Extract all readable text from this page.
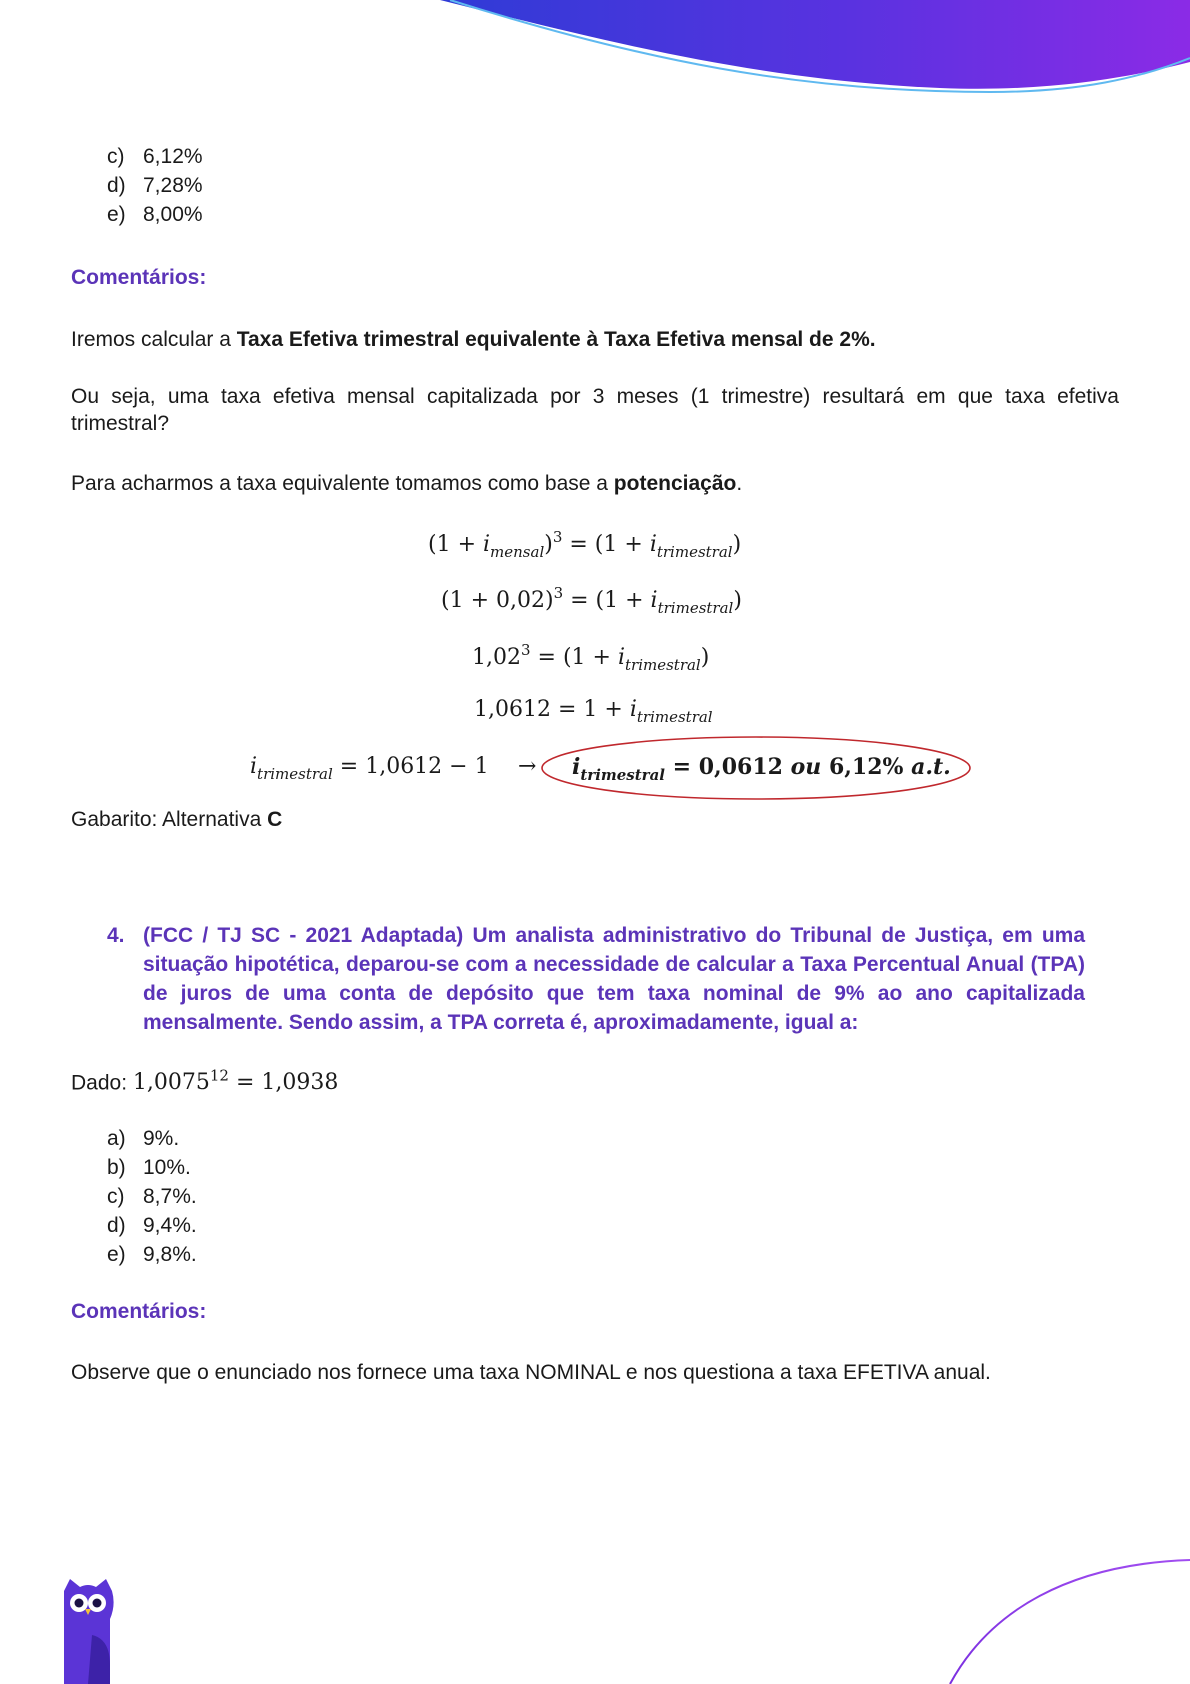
c) 6,12%
d) 7,28%
e) 8,00%
Comentários:
Iremos calcular a Taxa Efetiva trimestral equivalente à Taxa Efetiva mensal de 2%.
Ou seja, uma taxa efetiva mensal capitalizada por 3 meses (1 trimestre) resultará em que taxa efetiva trimestral?
Para acharmos a taxa equivalente tomamos como base a potenciação.
$(1 + i_{mensal})^3 = (1 + i_{trimestral})$
$(1 + 0,02)^3 = (1 + i_{trimestral})$
$1,02^3 = (1 + i_{trimestral})$
$1,0612 = 1 + i_{trimestral}$
$i_{trimestral} = 1,0612 - 1 \to i_{trimestral} = 0,0612$ ou 6,12% a.t.
Gabarito: Alternativa C
4. (FCC / TJ SC - 2021 Adaptada) Um analista administrativo do Tribunal de Justiça, em uma situação hipotética, deparou-se com a necessidade de calcular a Taxa Percentual Anual (TPA) de juros de uma conta de depósito que tem taxa nominal de 9% ao ano capitalizada mensalmente. Sendo assim, a TPA correta é, aproximadamente, igual a:
Dado: $1,0075^{12} = 1,0938$
a) 9%.
b) 10%.
c) 8,7%.
d) 9,4%.
e) 9,8%.
Comentários:
Observe que o enunciado nos fornece uma taxa NOMINAL e nos questiona a taxa EFETIVA anual.
